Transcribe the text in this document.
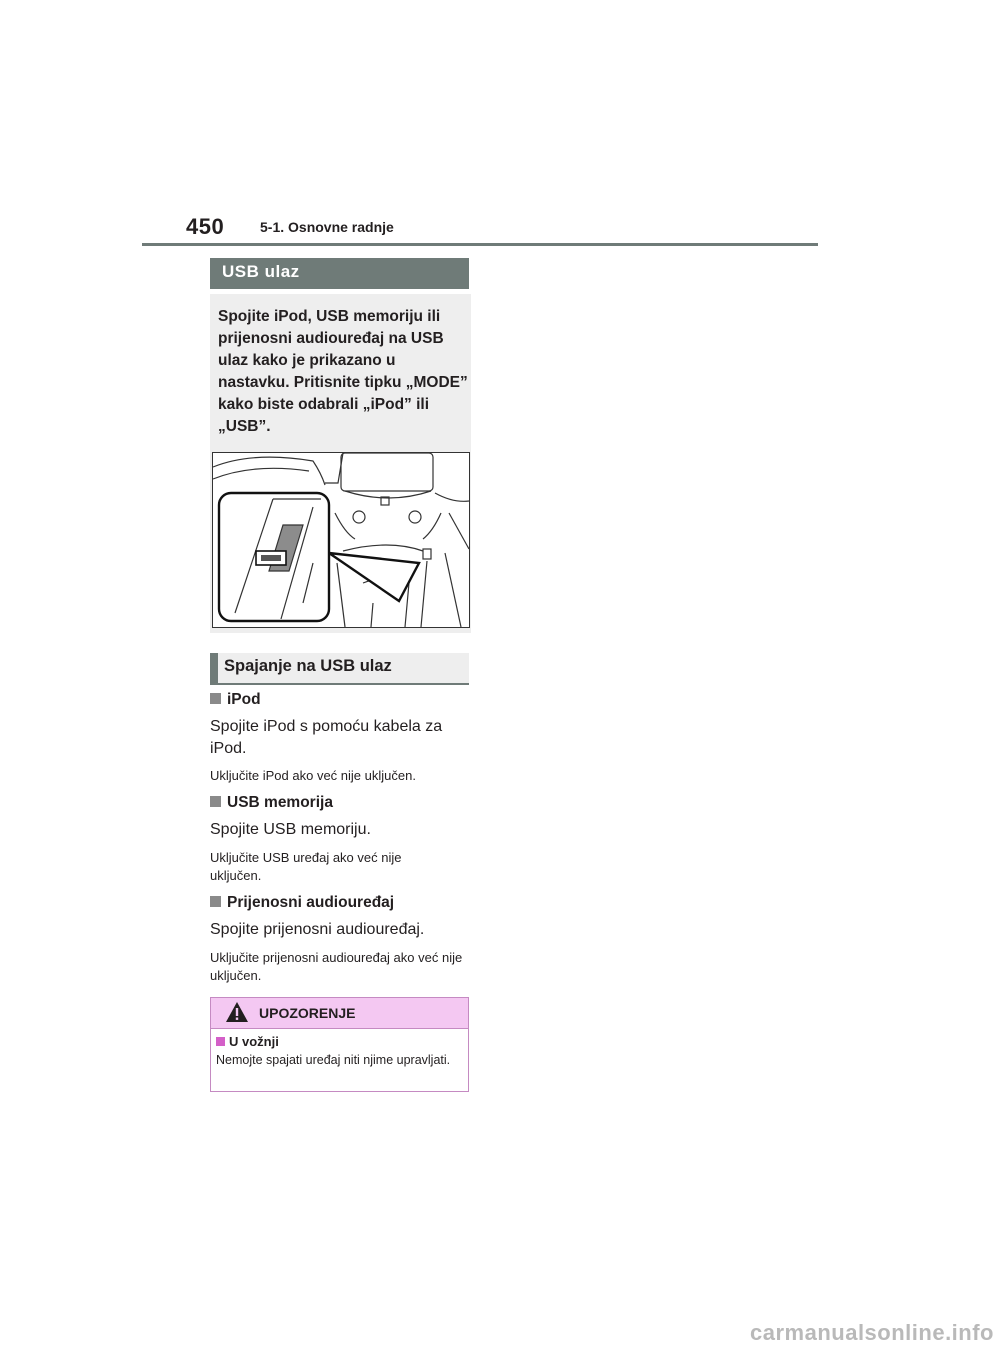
450	5-1. Osnovne radnje
USB ulaz
Spojite iPod, USB memoriju ili prijenosni audiouređaj na USB ulaz kako je prikazano u nastavku. Pritisnite tipku „MODE” kako biste odabrali „iPod” ili „USB”.
Spajanje na USB ulaz
iPod
Spojite iPod s pomoću kabela za iPod.
Uključite iPod ako već nije uključen.
USB memorija
Spojite USB memoriju.
Uključite USB uređaj ako već nije uključen.
Prijenosni audiouređaj
Spojite prijenosni audiouređaj.
Uključite prijenosni audiouređaj ako već nije uključen.
UPOZORENJE
U vožnji
Nemojte spajati uređaj niti njime upravljati.
carmanualsonline.info
